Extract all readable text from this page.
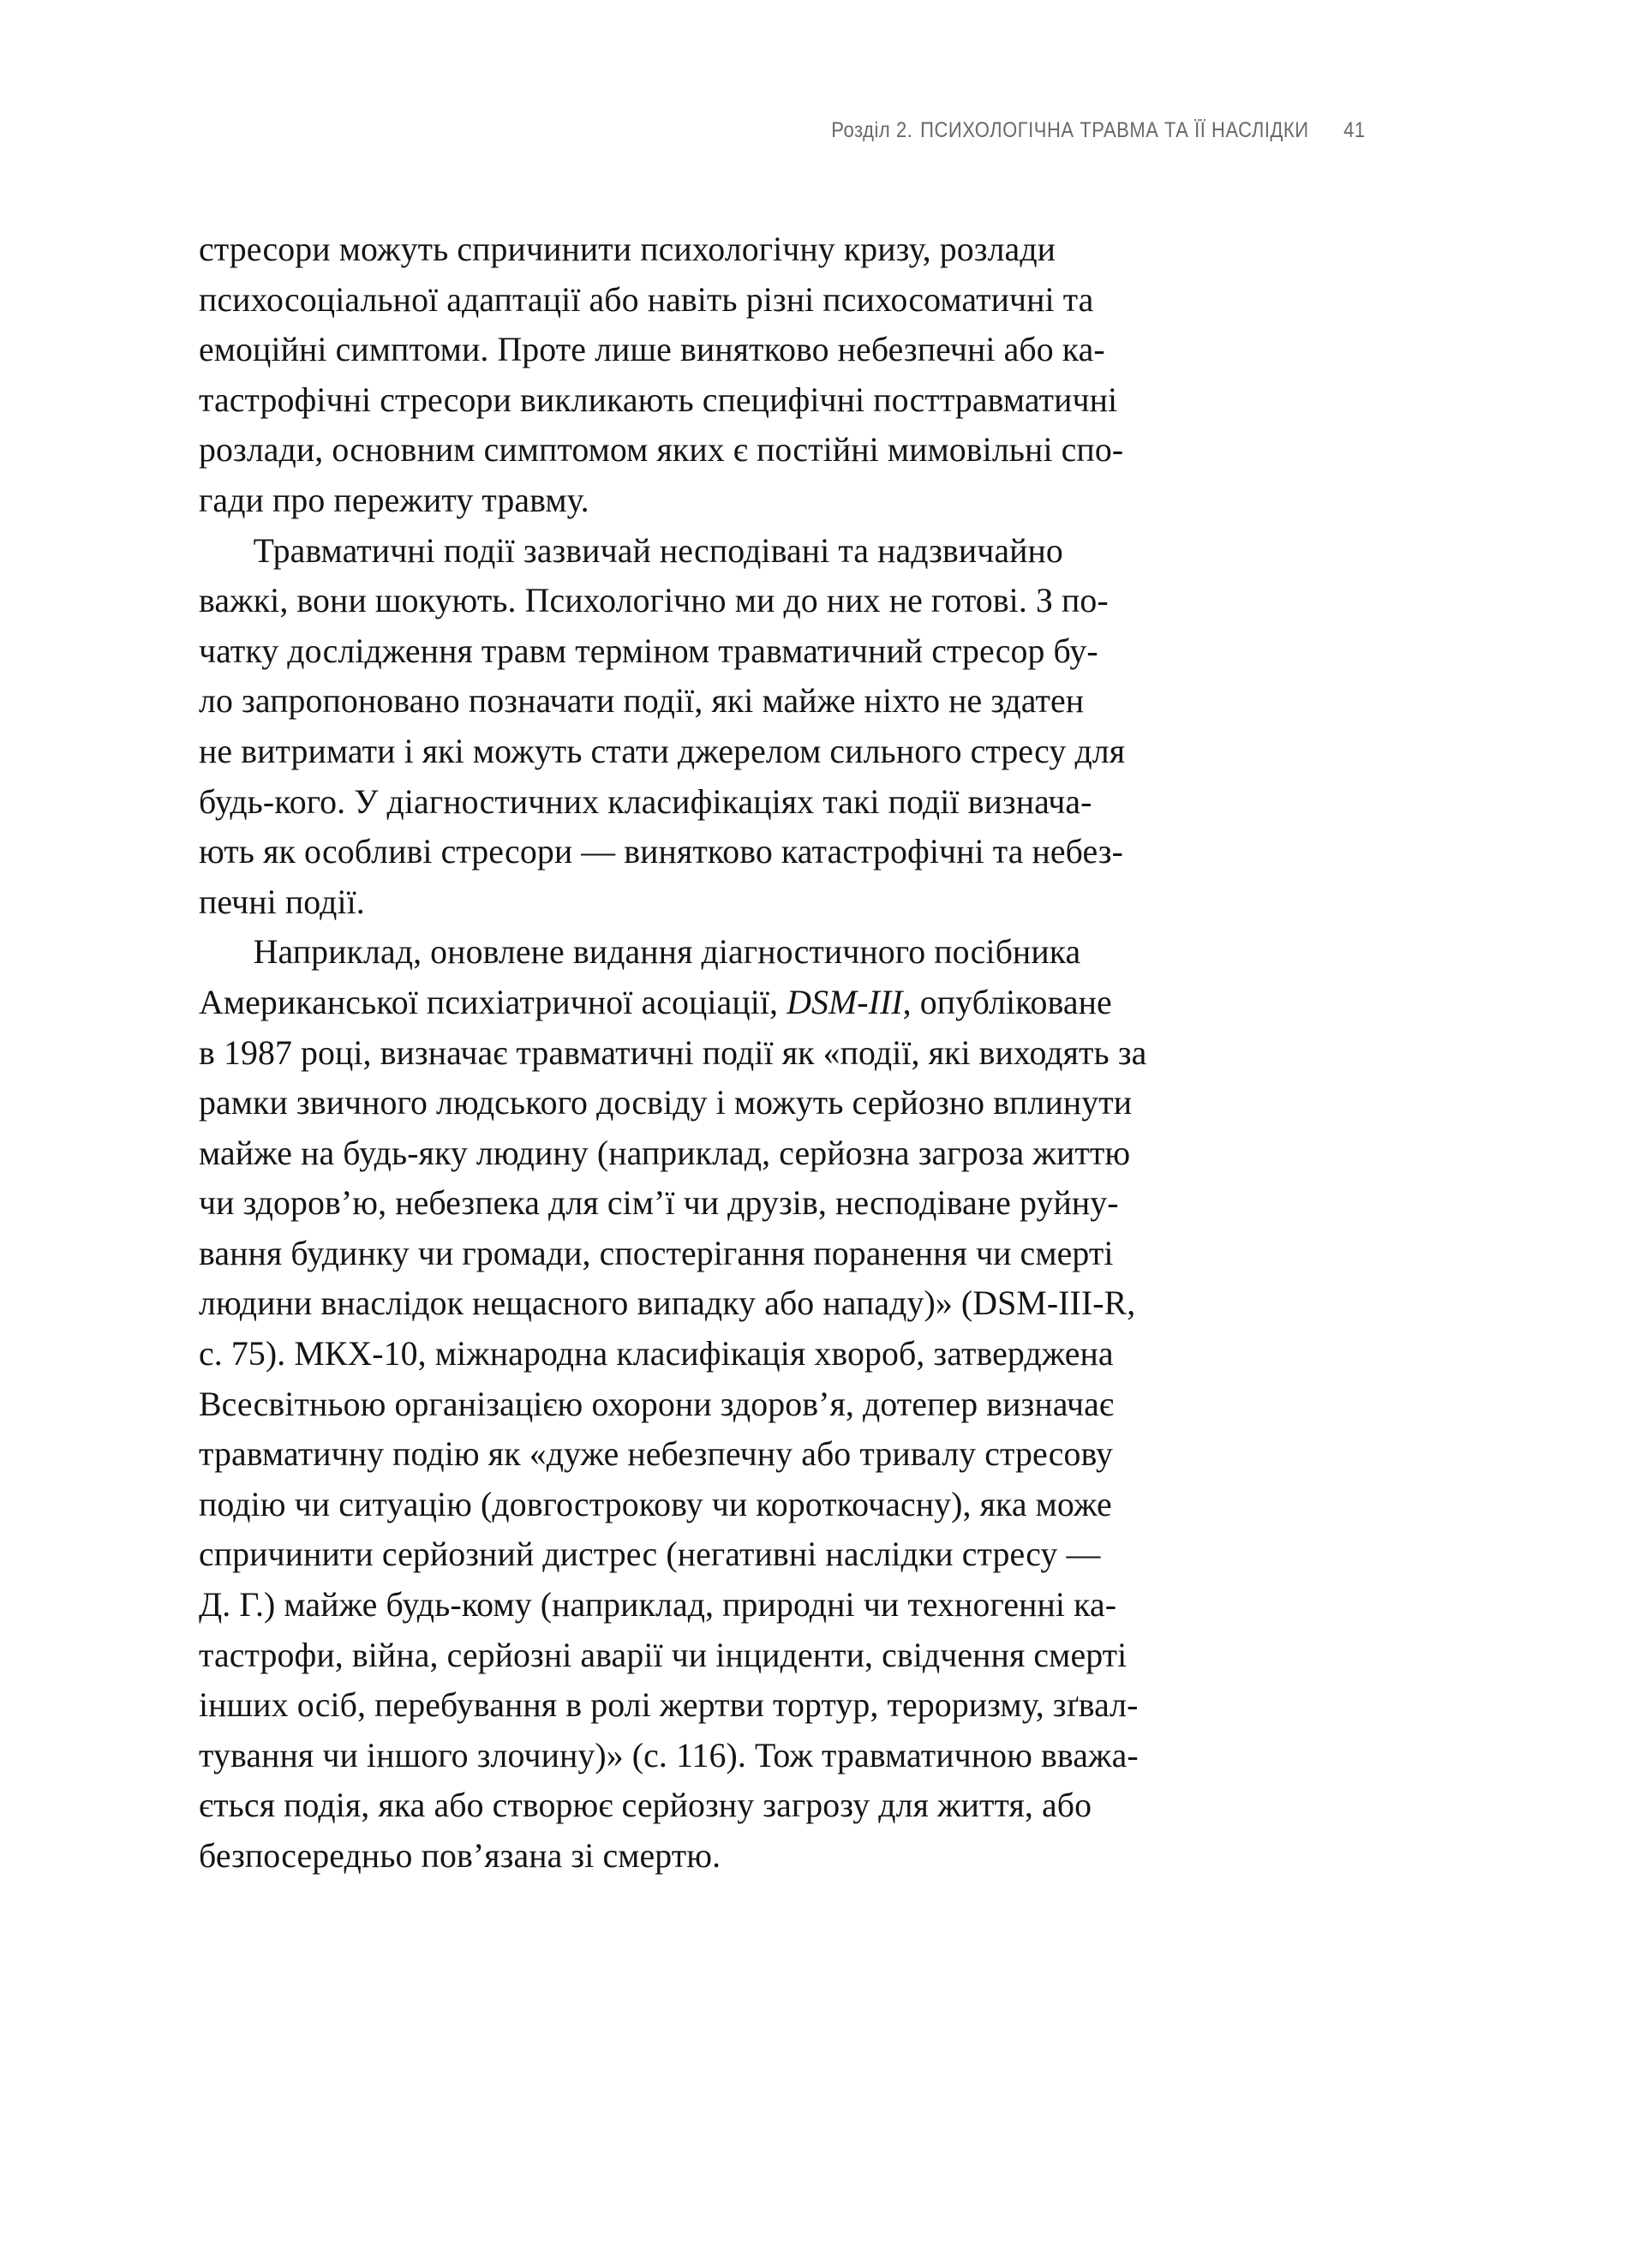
Розділ 2. ПСИХОЛОГІЧНА ТРАВМА ТА ЇЇ НАСЛІДКИ 41

стресори можуть спричинити психологічну кризу, розлади
психосоціальної адаптації або навіть різні психосоматичні та
емоційні симптоми. Проте лише винятково небезпечні або ка-
тастрофічні стресори викликають специфічні посттравматичні
розлади, основним симптомом яких є постійні мимовільні спо-
гади про пережиту травму.

Травматичні події зазвичай несподівані та надзвичайно
важкі, вони шокують. Психологічно ми до них не готові. З по-
чатку дослідження травм терміном травматичний стресор бу-
ло запропоновано позначати події, які майже ніхто не здатен
не витримати і які можуть стати джерелом сильного стресу для
будь-кого. У діагностичних класифікаціях такі події визнача-
ють як особливі стресори — винятково катастрофічні та небез-
печні події.

Наприклад, оновлене видання діагностичного посібника
Американської психіатричної асоціації, DSM-III, опубліковане
в 1987 році, визначає травматичні події як «події, які виходять за
рамки звичного людського досвіду і можуть серйозно вплинути
майже на будь-яку людину (наприклад, серйозна загроза життю
чи здоров’ю, небезпека для сім’ї чи друзів, несподіване руйну-
вання будинку чи громади, спостерігання поранення чи смерті
людини внаслідок нещасного випадку або нападу)» (DSM-III-R,
с. 75). МКХ-10, міжнародна класифікація хвороб, затверджена
Всесвітньою організацією охорони здоров’я, дотепер визначає
травматичну подію як «дуже небезпечну або тривалу стресову
подію чи ситуацію (довгострокову чи короткочасну), яка може
спричинити серйозний дистрес (негативні наслідки стресу —
Д. Г.) майже будь-кому (наприклад, природні чи техногенні ка-
тастрофи, війна, серйозні аварії чи інциденти, свідчення смерті
інших осіб, перебування в ролі жертви тортур, тероризму, зґвал-
тування чи іншого злочину)» (с. 116). Тож травматичною вважа-
ється подія, яка або створює серйозну загрозу для життя, або
безпосередньо пов’язана зі смертю.
